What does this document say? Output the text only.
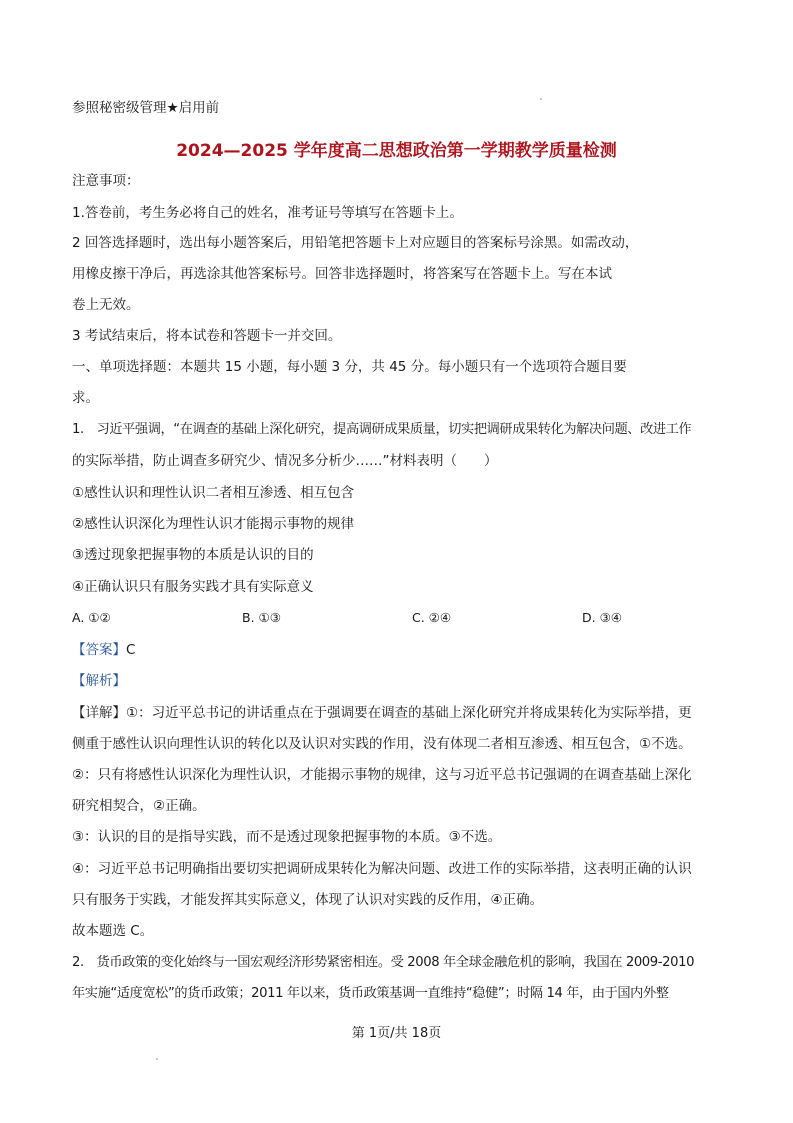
参照秘密级管理★启用前
2024—2025 学年度高二思想政治第一学期教学质量检测
注意事项：
1.答卷前，考生务必将自己的姓名，准考证号等填写在答题卡上。
2 回答选择题时，选出每小题答案后，用铅笔把答题卡上对应题目的答案标号涂黑。如需改动，
用橡皮擦干净后，再选涂其他答案标号。回答非选择题时，将答案写在答题卡上。写在本试
卷上无效。
3 考试结束后，将本试卷和答题卡一并交回。
一、单项选择题：本题共 15 小题，每小题 3 分，共 45 分。每小题只有一个选项符合题目要
求。
1.　习近平强调，“在调查的基础上深化研究，提高调研成果质量，切实把调研成果转化为解决问题、改进工作
的实际举措，防止调查多研究少、情况多分析少……”材料表明（　　）
①感性认识和理性认识二者相互渗透、相互包含
②感性认识深化为理性认识才能揭示事物的规律
③透过现象把握事物的本质是认识的目的
④正确认识只有服务实践才具有实际意义
A. ①②	B. ①③	C. ②④	D. ③④
【答案】C
【解析】
【详解】①：习近平总书记的讲话重点在于强调要在调查的基础上深化研究并将成果转化为实际举措，更
侧重于感性认识向理性认识的转化以及认识对实践的作用，没有体现二者相互渗透、相互包含，①不选。
②：只有将感性认识深化为理性认识，才能揭示事物的规律，这与习近平总书记强调的在调查基础上深化
研究相契合，②正确。
③：认识的目的是指导实践，而不是透过现象把握事物的本质。③不选。
④：习近平总书记明确指出要切实把调研成果转化为解决问题、改进工作的实际举措，这表明正确的认识
只有服务于实践，才能发挥其实际意义，体现了认识对实践的反作用，④正确。
故本题选 C。
2.　货币政策的变化始终与一国宏观经济形势紧密相连。受 2008 年全球金融危机的影响，我国在 2009-2010
年实施“适度宽松”的货币政策；2011 年以来，货币政策基调一直维持“稳健”；时隔 14 年，由于国内外整
第 1页/共 18页
